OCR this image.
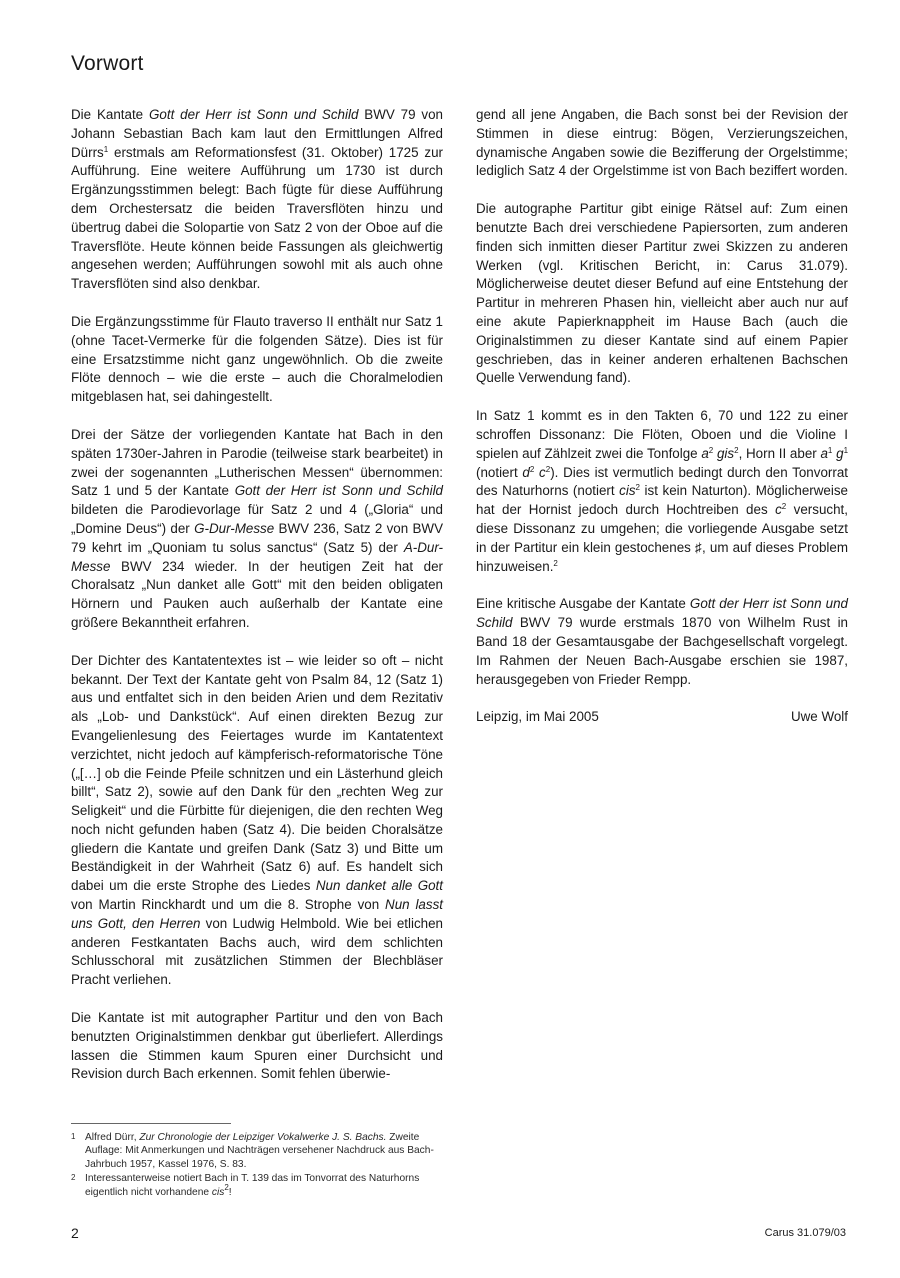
Vorwort

Die Kantate Gott der Herr ist Sonn und Schild BWV 79 von Johann Sebastian Bach kam laut den Ermittlungen Alfred Dürrs$^1$ erstmals am Reformationsfest (31. Oktober) 1725 zur Aufführung. Eine weitere Aufführung um 1730 ist durch Ergänzungsstimmen belegt: Bach fügte für diese Aufführung dem Orchestersatz die beiden Traversflöten hinzu und übertrug dabei die Solopartie von Satz 2 von der Oboe auf die Traversflöte. Heute können beide Fassungen als gleichwertig angesehen werden; Aufführungen sowohl mit als auch ohne Traversflöten sind also denkbar.

Die Ergänzungsstimme für Flauto traverso II enthält nur Satz 1 (ohne Tacet-Vermerke für die folgenden Sätze). Dies ist für eine Ersatzstimme nicht ganz ungewöhnlich. Ob die zweite Flöte dennoch – wie die erste – auch die Choralmelodien mitgeblasen hat, sei dahingestellt.

Drei der Sätze der vorliegenden Kantate hat Bach in den späten 1730er-Jahren in Parodie (teilweise stark bearbeitet) in zwei der sogenannten „Lutherischen Messen“ übernommen: Satz 1 und 5 der Kantate Gott der Herr ist Sonn und Schild bildeten die Parodievorlage für Satz 2 und 4 („Gloria“ und „Domine Deus“) der G-Dur-Messe BWV 236, Satz 2 von BWV 79 kehrt im „Quoniam tu solus sanctus“ (Satz 5) der A-Dur-Messe BWV 234 wieder. In der heutigen Zeit hat der Choralsatz „Nun danket alle Gott“ mit den beiden obligaten Hörnern und Pauken auch außerhalb der Kantate eine größere Bekanntheit erfahren.

Der Dichter des Kantatentextes ist – wie leider so oft – nicht bekannt. Der Text der Kantate geht von Psalm 84, 12 (Satz 1) aus und entfaltet sich in den beiden Arien und dem Rezitativ als „Lob- und Dankstück“. Auf einen direkten Bezug zur Evangelienlesung des Feiertages wurde im Kantatentext verzichtet, nicht jedoch auf kämpferisch-reformatorische Töne („[…] ob die Feinde Pfeile schnitzen und ein Lästerhund gleich billt“, Satz 2), sowie auf den Dank für den „rechten Weg zur Seligkeit“ und die Fürbitte für diejenigen, die den rechten Weg noch nicht gefunden haben (Satz 4). Die beiden Choralsätze gliedern die Kantate und greifen Dank (Satz 3) und Bitte um Beständigkeit in der Wahrheit (Satz 6) auf. Es handelt sich dabei um die erste Strophe des Liedes Nun danket alle Gott von Martin Rinckhardt und um die 8. Strophe von Nun lasst uns Gott, den Herren von Ludwig Helmbold. Wie bei etlichen anderen Festkantaten Bachs auch, wird dem schlichten Schlusschoral mit zusätzlichen Stimmen der Blechbläser Pracht verliehen.

Die Kantate ist mit autographer Partitur und den von Bach benutzten Originalstimmen denkbar gut überliefert. Allerdings lassen die Stimmen kaum Spuren einer Durchsicht und Revision durch Bach erkennen. Somit fehlen überwie-

gend all jene Angaben, die Bach sonst bei der Revision der Stimmen in diese eintrug: Bögen, Verzierungszeichen, dynamische Angaben sowie die Bezifferung der Orgelstimme; lediglich Satz 4 der Orgelstimme ist von Bach beziffert worden.

Die autographe Partitur gibt einige Rätsel auf: Zum einen benutzte Bach drei verschiedene Papiersorten, zum anderen finden sich inmitten dieser Partitur zwei Skizzen zu anderen Werken (vgl. Kritischen Bericht, in: Carus 31.079). Möglicherweise deutet dieser Befund auf eine Entstehung der Partitur in mehreren Phasen hin, vielleicht aber auch nur auf eine akute Papierknappheit im Hause Bach (auch die Originalstimmen zu dieser Kantate sind auf einem Papier geschrieben, das in keiner anderen erhaltenen Bachschen Quelle Verwendung fand).

In Satz 1 kommt es in den Takten 6, 70 und 122 zu einer schroffen Dissonanz: Die Flöten, Oboen und die Violine I spielen auf Zählzeit zwei die Tonfolge $a^2$ gis$^2$, Horn II aber $a^1$ $g^1$ (notiert $d^2$ $c^2$). Dies ist vermutlich bedingt durch den Tonvorrat des Naturhorns (notiert cis$^2$ ist kein Naturton). Möglicherweise hat der Hornist jedoch durch Hochtreiben des $c^2$ versucht, diese Dissonanz zu umgehen; die vorliegende Ausgabe setzt in der Partitur ein klein gestochenes ♯, um auf dieses Problem hinzuweisen.$^2$

Eine kritische Ausgabe der Kantate Gott der Herr ist Sonn und Schild BWV 79 wurde erstmals 1870 von Wilhelm Rust in Band 18 der Gesamtausgabe der Bachgesellschaft vorgelegt. Im Rahmen der Neuen Bach-Ausgabe erschien sie 1987, herausgegeben von Frieder Rempp.

Leipzig, im Mai 2005	Uwe Wolf
1 Alfred Dürr, Zur Chronologie der Leipziger Vokalwerke J. S. Bachs. Zweite Auflage: Mit Anmerkungen und Nachträgen versehener Nachdruck aus Bach-Jahrbuch 1957, Kassel 1976, S. 83.
2 Interessanterweise notiert Bach in T. 139 das im Tonvorrat des Naturhorns eigentlich nicht vorhandene cis$^2$!
2	Carus 31.079/03
